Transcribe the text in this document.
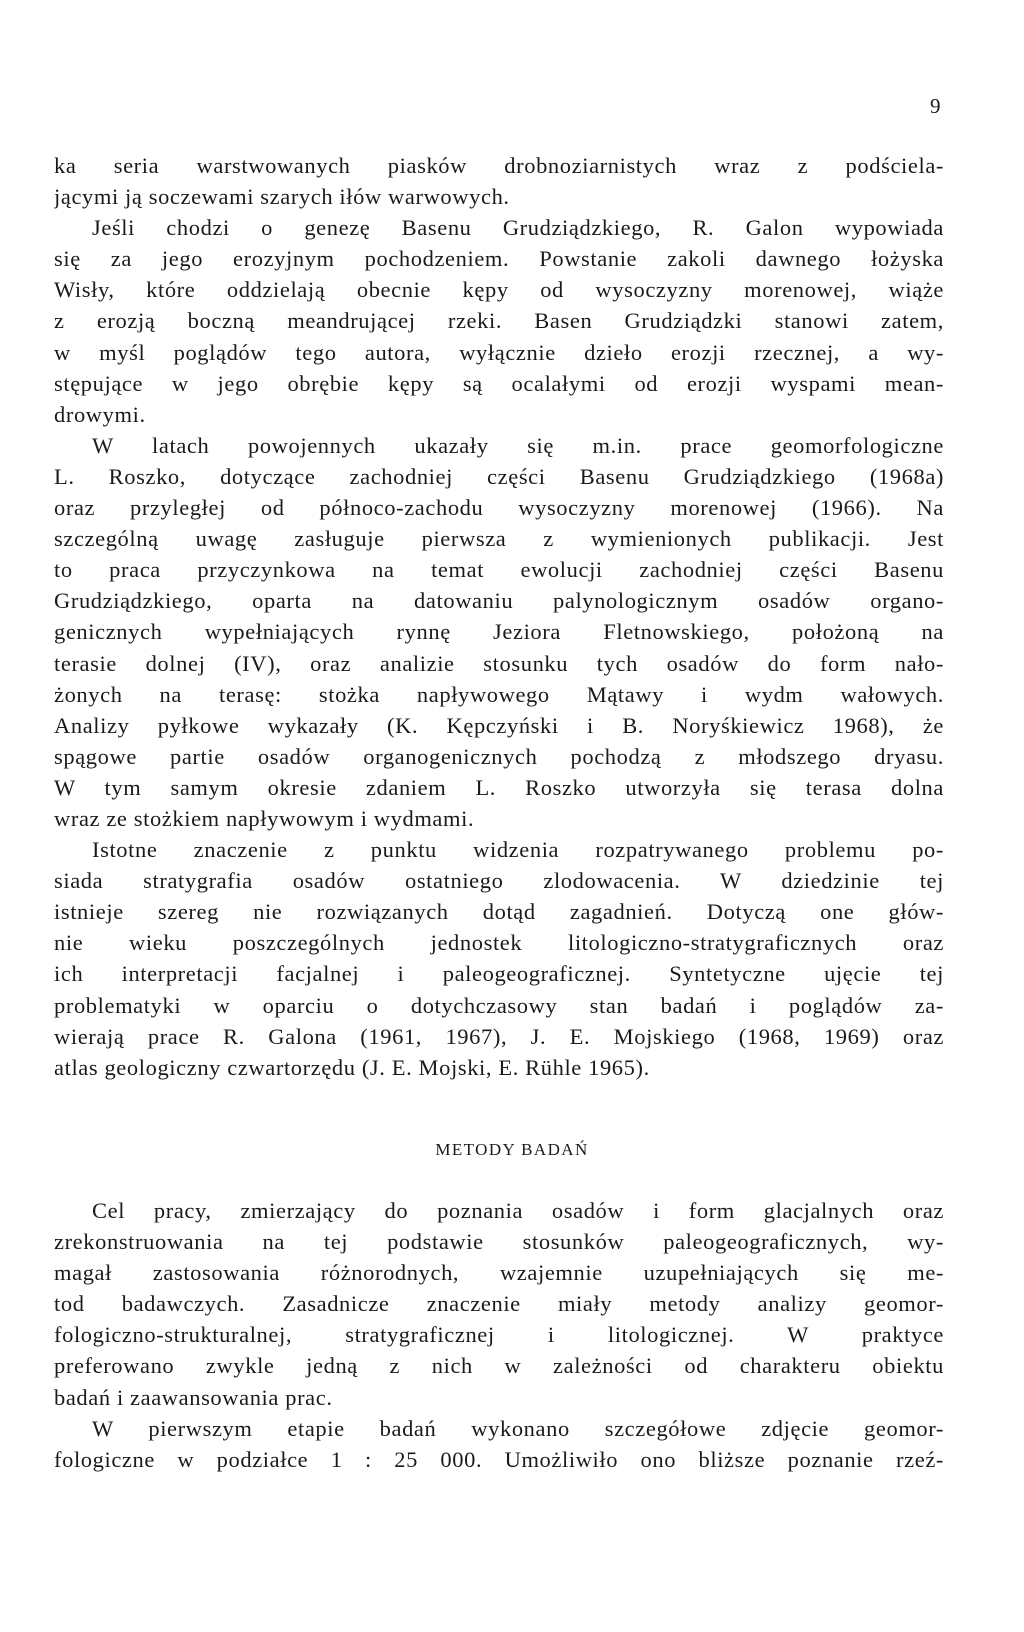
9
ka seria warstwowanych piasków drobnoziarnistych wraz z podściela-
jącymi ją soczewami szarych iłów warwowych.
Jeśli chodzi o genezę Basenu Grudziądzkiego, R. Galon wypowiada
się za jego erozyjnym pochodzeniem. Powstanie zakoli dawnego łożyska
Wisły, które oddzielają obecnie kępy od wysoczyzny morenowej, wiąże
z erozją boczną meandrującej rzeki. Basen Grudziądzki stanowi zatem,
w myśl poglądów tego autora, wyłącznie dzieło erozji rzecznej, a wy-
stępujące w jego obrębie kępy są ocalałymi od erozji wyspami mean-
drowymi.
W latach powojennych ukazały się m.in. prace geomorfologiczne
L. Roszko, dotyczące zachodniej części Basenu Grudziądzkiego (1968a)
oraz przyległej od północo-zachodu wysoczyzny morenowej (1966). Na
szczególną uwagę zasługuje pierwsza z wymienionych publikacji. Jest
to praca przyczynkowa na temat ewolucji zachodniej części Basenu
Grudziądzkiego, oparta na datowaniu palynologicznym osadów organo-
genicznych wypełniających rynnę Jeziora Fletnowskiego, położoną na
terasie dolnej (IV), oraz analizie stosunku tych osadów do form nało-
żonych na terasę: stożka napływowego Mątawy i wydm wałowych.
Analizy pyłkowe wykazały (K. Kępczyński i B. Noryśkiewicz 1968), że
spągowe partie osadów organogenicznych pochodzą z młodszego dryasu.
W tym samym okresie zdaniem L. Roszko utworzyła się terasa dolna
wraz ze stożkiem napływowym i wydmami.
Istotne znaczenie z punktu widzenia rozpatrywanego problemu po-
siada stratygrafia osadów ostatniego zlodowacenia. W dziedzinie tej
istnieje szereg nie rozwiązanych dotąd zagadnień. Dotyczą one głów-
nie wieku poszczególnych jednostek litologiczno-stratygraficznych oraz
ich interpretacji facjalnej i paleogeograficznej. Syntetyczne ujęcie tej
problematyki w oparciu o dotychczasowy stan badań i poglądów za-
wierają prace R. Galona (1961, 1967), J. E. Mojskiego (1968, 1969) oraz
atlas geologiczny czwartorzędu (J. E. Mojski, E. Rühle 1965).
METODY BADAŃ
Cel pracy, zmierzający do poznania osadów i form glacjalnych oraz
zrekonstruowania na tej podstawie stosunków paleogeograficznych, wy-
magał zastosowania różnorodnych, wzajemnie uzupełniających się me-
tod badawczych. Zasadnicze znaczenie miały metody analizy geomor-
fologiczno-strukturalnej, stratygraficznej i litologicznej. W praktyce
preferowano zwykle jedną z nich w zależności od charakteru obiektu
badań i zaawansowania prac.
W pierwszym etapie badań wykonano szczegółowe zdjęcie geomor-
fologiczne w podziałce 1 : 25 000. Umożliwiło ono bliższe poznanie rzeź-
